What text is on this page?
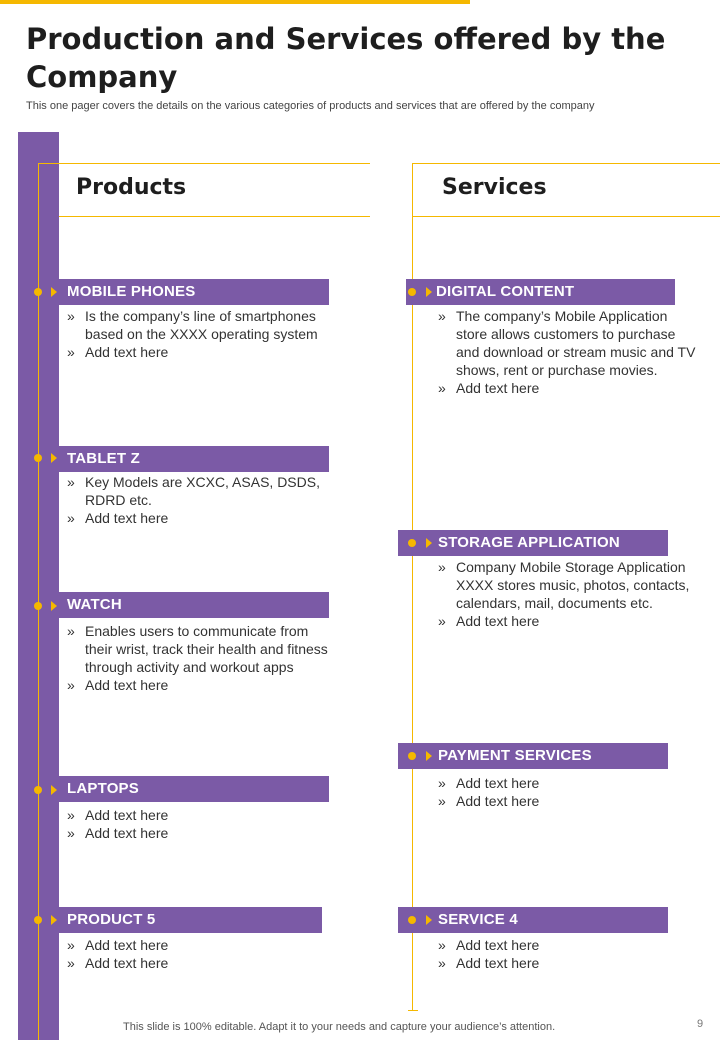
Production and Services offered by the Company
This one pager covers the details on the various categories of products and services that are offered by the company
Products	Services
MOBILE PHONES
» Is the company’s line of smartphones based on the XXXX operating system
» Add text here
TABLET Z
» Key Models are XCXC, ASAS, DSDS, RDRD etc.
» Add text here
WATCH
» Enables users to communicate from their wrist, track their health and fitness through activity and workout apps
» Add text here
LAPTOPS
» Add text here
» Add text here
PRODUCT 5
» Add text here
» Add text here
DIGITAL CONTENT
» The company’s Mobile Application store allows customers to purchase and download or stream music and TV shows, rent or purchase movies.
» Add text here
STORAGE APPLICATION
» Company Mobile Storage Application XXXX stores music, photos, contacts, calendars, mail, documents etc.
» Add text here
PAYMENT SERVICES
» Add text here
» Add text here
SERVICE 4
» Add text here
» Add text here
This slide is 100% editable. Adapt it to your needs and capture your audience’s attention.	9
